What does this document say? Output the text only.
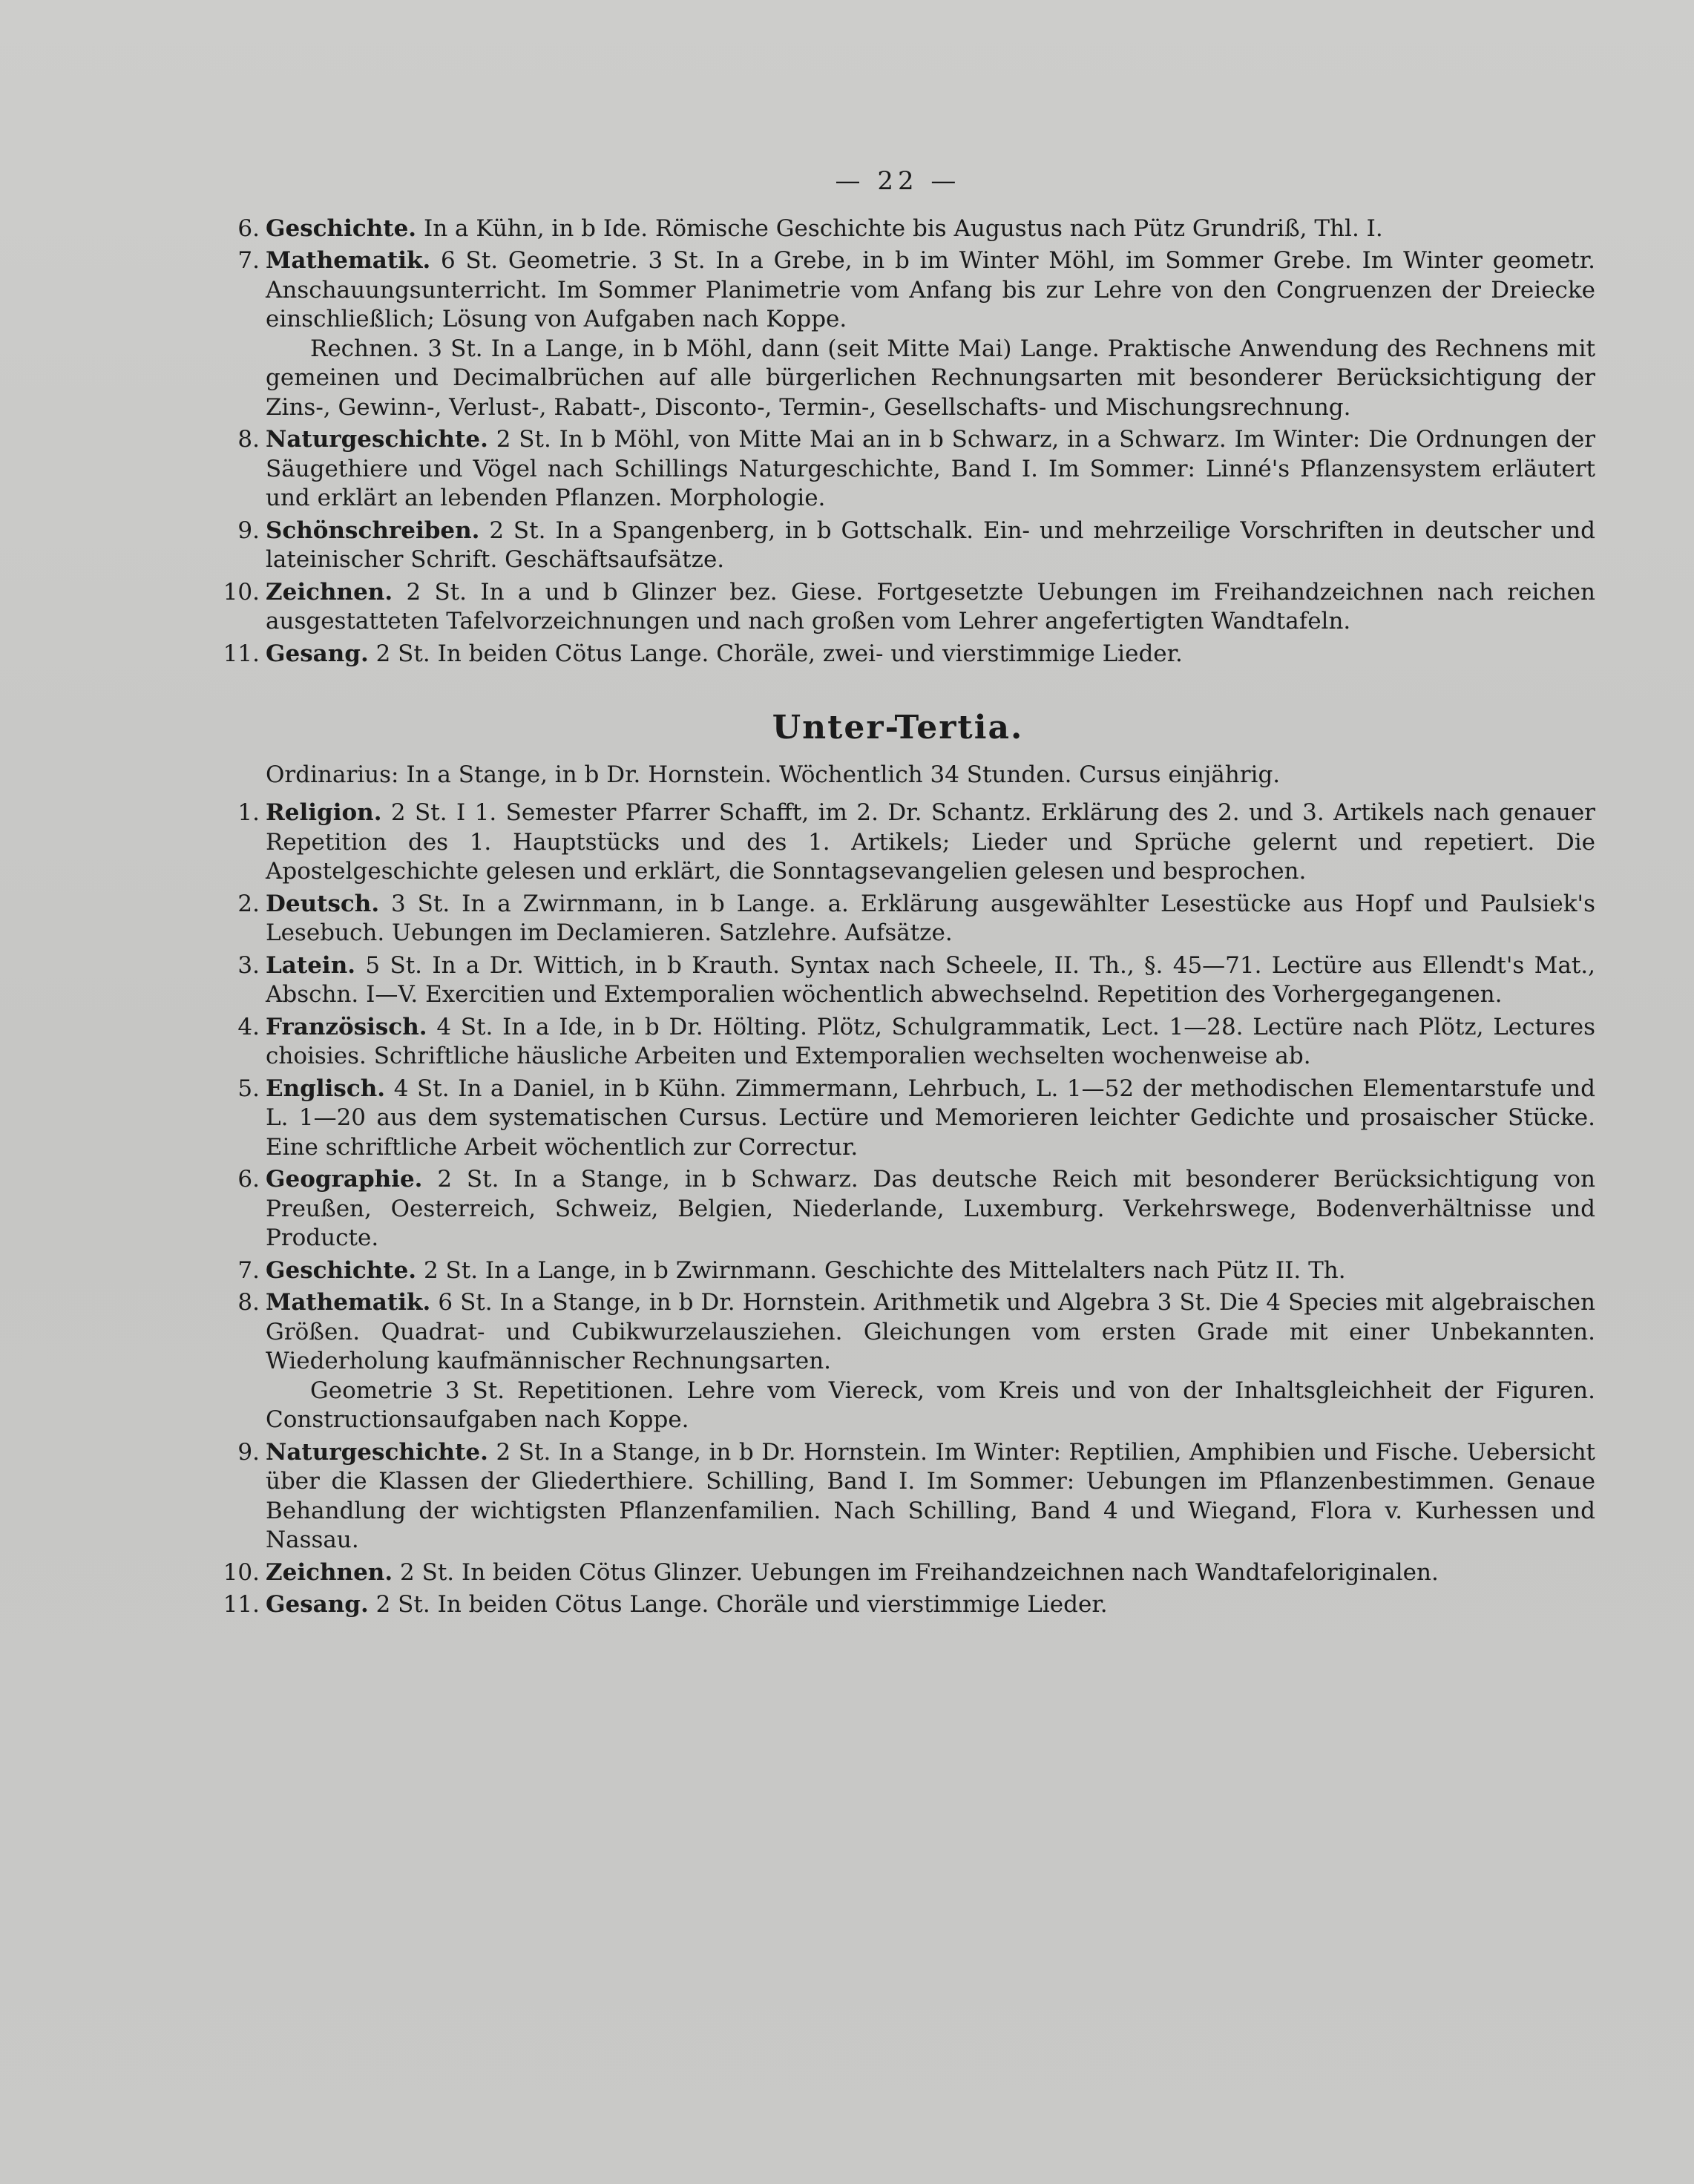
— 22 —
6. Geschichte. In a Kühn, in b Ide. Römische Geschichte bis Augustus nach Pütz Grundriß, Thl. I.
7. Mathematik. 6 St. Geometrie. 3 St. In a Grebe, in b im Winter Möhl, im Sommer Grebe. Im Winter geometr. Anschauungsunterricht. Im Sommer Planimetrie vom Anfang bis zur Lehre von den Congruenzen der Dreiecke einschließlich; Lösung von Aufgaben nach Koppe.
Rechnen. 3 St. In a Lange, in b Möhl, dann (seit Mitte Mai) Lange. Praktische Anwendung des Rechnens mit gemeinen und Decimalbrüchen auf alle bürgerlichen Rechnungsarten mit besonderer Berücksichtigung der Zins-, Gewinn-, Verlust-, Rabatt-, Disconto-, Termin-, Gesellschafts- und Mischungsrechnung.
8. Naturgeschichte. 2 St. In b Möhl, von Mitte Mai an in b Schwarz, in a Schwarz. Im Winter: Die Ordnungen der Säugethiere und Vögel nach Schillings Naturgeschichte, Band I. Im Sommer: Linné's Pflanzensystem erläutert und erklärt an lebenden Pflanzen. Morphologie.
9. Schönschreiben. 2 St. In a Spangenberg, in b Gottschalk. Ein- und mehrzeilige Vorschriften in deutscher und lateinischer Schrift. Geschäftsaufsätze.
10. Zeichnen. 2 St. In a und b Glinzer bez. Giese. Fortgesetzte Uebungen im Freihandzeichnen nach reichen ausgestatteten Tafelvorzeichnungen und nach großen vom Lehrer angefertigten Wandtafeln.
11. Gesang. 2 St. In beiden Cötus Lange. Choräle, zwei- und vierstimmige Lieder.
Unter-Tertia.
Ordinarius: In a Stange, in b Dr. Hornstein. Wöchentlich 34 Stunden. Cursus einjährig.
1. Religion. 2 St. I 1. Semester Pfarrer Schafft, im 2. Dr. Schantz. Erklärung des 2. und 3. Artikels nach genauer Repetition des 1. Hauptstücks und des 1. Artikels; Lieder und Sprüche gelernt und repetiert. Die Apostelgeschichte gelesen und erklärt, die Sonntagsevangelien gelesen und besprochen.
2. Deutsch. 3 St. In a Zwirnmann, in b Lange. a. Erklärung ausgewählter Lesestücke aus Hopf und Paulsiek's Lesebuch. Uebungen im Declamieren. Satzlehre. Aufsätze.
3. Latein. 5 St. In a Dr. Wittich, in b Krauth. Syntax nach Scheele, II. Th., §. 45—71. Lectüre aus Ellendt's Mat., Abschn. I—V. Exercitien und Extemporalien wöchentlich abwechselnd. Repetition des Vorhergegangenen.
4. Französisch. 4 St. In a Ide, in b Dr. Hölting. Plötz, Schulgrammatik, Lect. 1—28. Lectüre nach Plötz, Lectures choisies. Schriftliche häusliche Arbeiten und Extemporalien wechselten wochenweise ab.
5. Englisch. 4 St. In a Daniel, in b Kühn. Zimmermann, Lehrbuch, L. 1—52 der methodischen Elementarstufe und L. 1—20 aus dem systematischen Cursus. Lectüre und Memorieren leichter Gedichte und prosaischer Stücke. Eine schriftliche Arbeit wöchentlich zur Correctur.
6. Geographie. 2 St. In a Stange, in b Schwarz. Das deutsche Reich mit besonderer Berücksichtigung von Preußen, Oesterreich, Schweiz, Belgien, Niederlande, Luxemburg. Verkehrswege, Bodenverhältnisse und Producte.
7. Geschichte. 2 St. In a Lange, in b Zwirnmann. Geschichte des Mittelalters nach Pütz II. Th.
8. Mathematik. 6 St. In a Stange, in b Dr. Hornstein. Arithmetik und Algebra 3 St. Die 4 Species mit algebraischen Größen. Quadrat- und Cubikwurzelausziehen. Gleichungen vom ersten Grade mit einer Unbekannten. Wiederholung kaufmännischer Rechnungsarten.
Geometrie 3 St. Repetitionen. Lehre vom Viereck, vom Kreis und von der Inhaltsgleichheit der Figuren. Constructionsaufgaben nach Koppe.
9. Naturgeschichte. 2 St. In a Stange, in b Dr. Hornstein. Im Winter: Reptilien, Amphibien und Fische. Uebersicht über die Klassen der Gliederthiere. Schilling, Band I. Im Sommer: Uebungen im Pflanzenbestimmen. Genaue Behandlung der wichtigsten Pflanzenfamilien. Nach Schilling, Band 4 und Wiegand, Flora v. Kurhessen und Nassau.
10. Zeichnen. 2 St. In beiden Cötus Glinzer. Uebungen im Freihandzeichnen nach Wandtafeloriginalen.
11. Gesang. 2 St. In beiden Cötus Lange. Choräle und vierstimmige Lieder.
